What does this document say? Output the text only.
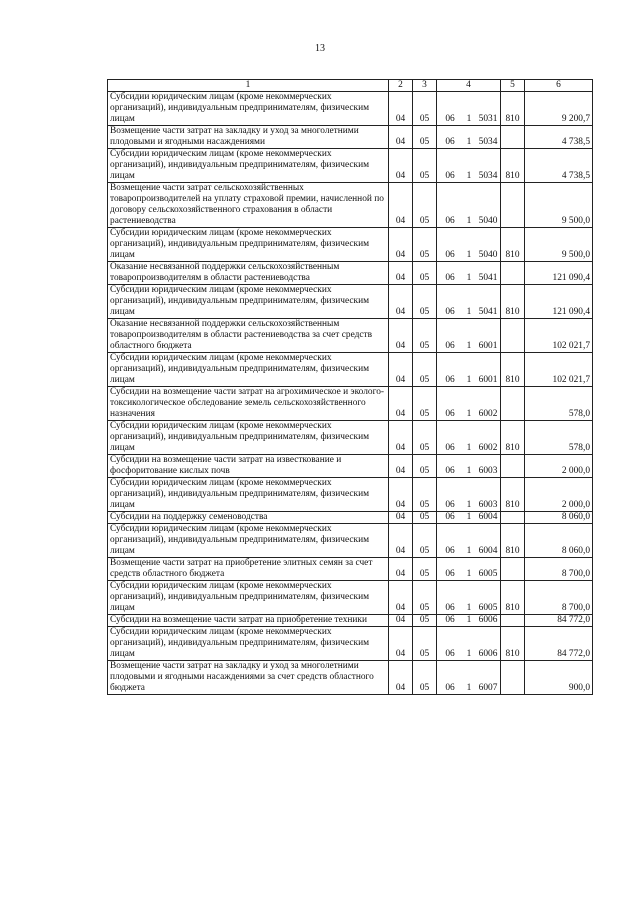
13
1	2	3	4	5	6
Субсидии юридическим лицам (кроме некоммерческих организаций), индивидуальным предпринимателям, физическим лицам	04	05	06 1 5031	810	9 200,7
Возмещение части затрат на закладку и уход за многолетними плодовыми и ягодными насаждениями	04	05	06 1 5034		4 738,5
Субсидии юридическим лицам (кроме некоммерческих организаций), индивидуальным предпринимателям, физическим лицам	04	05	06 1 5034	810	4 738,5
Возмещение части затрат сельскохозяйственных товаропроизводителей на уплату страховой премии, начисленной по договору сельскохозяйственного страхования в области растениеводства	04	05	06 1 5040		9 500,0
Субсидии юридическим лицам (кроме некоммерческих организаций), индивидуальным предпринимателям, физическим лицам	04	05	06 1 5040	810	9 500,0
Оказание несвязанной поддержки сельскохозяйственным товаропроизводителям в области растениеводства	04	05	06 1 5041		121 090,4
Субсидии юридическим лицам (кроме некоммерческих организаций), индивидуальным предпринимателям, физическим лицам	04	05	06 1 5041	810	121 090,4
Оказание несвязанной поддержки сельскохозяйственным товаропроизводителям в области растениеводства за счет средств областного бюджета	04	05	06 1 6001		102 021,7
Субсидии юридическим лицам (кроме некоммерческих организаций), индивидуальным предпринимателям, физическим лицам	04	05	06 1 6001	810	102 021,7
Субсидии на возмещение части затрат на агрохимическое и эколого-токсикологическое обследование земель сельскохозяйственного назначения	04	05	06 1 6002		578,0
Субсидии юридическим лицам (кроме некоммерческих организаций), индивидуальным предпринимателям, физическим лицам	04	05	06 1 6002	810	578,0
Субсидии на возмещение части затрат на известкование и фосфоритование кислых почв	04	05	06 1 6003		2 000,0
Субсидии юридическим лицам (кроме некоммерческих организаций), индивидуальным предпринимателям, физическим лицам	04	05	06 1 6003	810	2 000,0
Субсидии на поддержку семеноводства	04	05	06 1 6004		8 060,0
Субсидии юридическим лицам (кроме некоммерческих организаций), индивидуальным предпринимателям, физическим лицам	04	05	06 1 6004	810	8 060,0
Возмещение части затрат на приобретение элитных семян за счет средств областного бюджета	04	05	06 1 6005		8 700,0
Субсидии юридическим лицам (кроме некоммерческих организаций), индивидуальным предпринимателям, физическим лицам	04	05	06 1 6005	810	8 700,0
Субсидии на возмещение части затрат на приобретение техники	04	05	06 1 6006		84 772,0
Субсидии юридическим лицам (кроме некоммерческих организаций), индивидуальным предпринимателям, физическим лицам	04	05	06 1 6006	810	84 772,0
Возмещение части затрат на закладку и уход за многолетними плодовыми и ягодными насаждениями за счет средств областного бюджета	04	05	06 1 6007		900,0
